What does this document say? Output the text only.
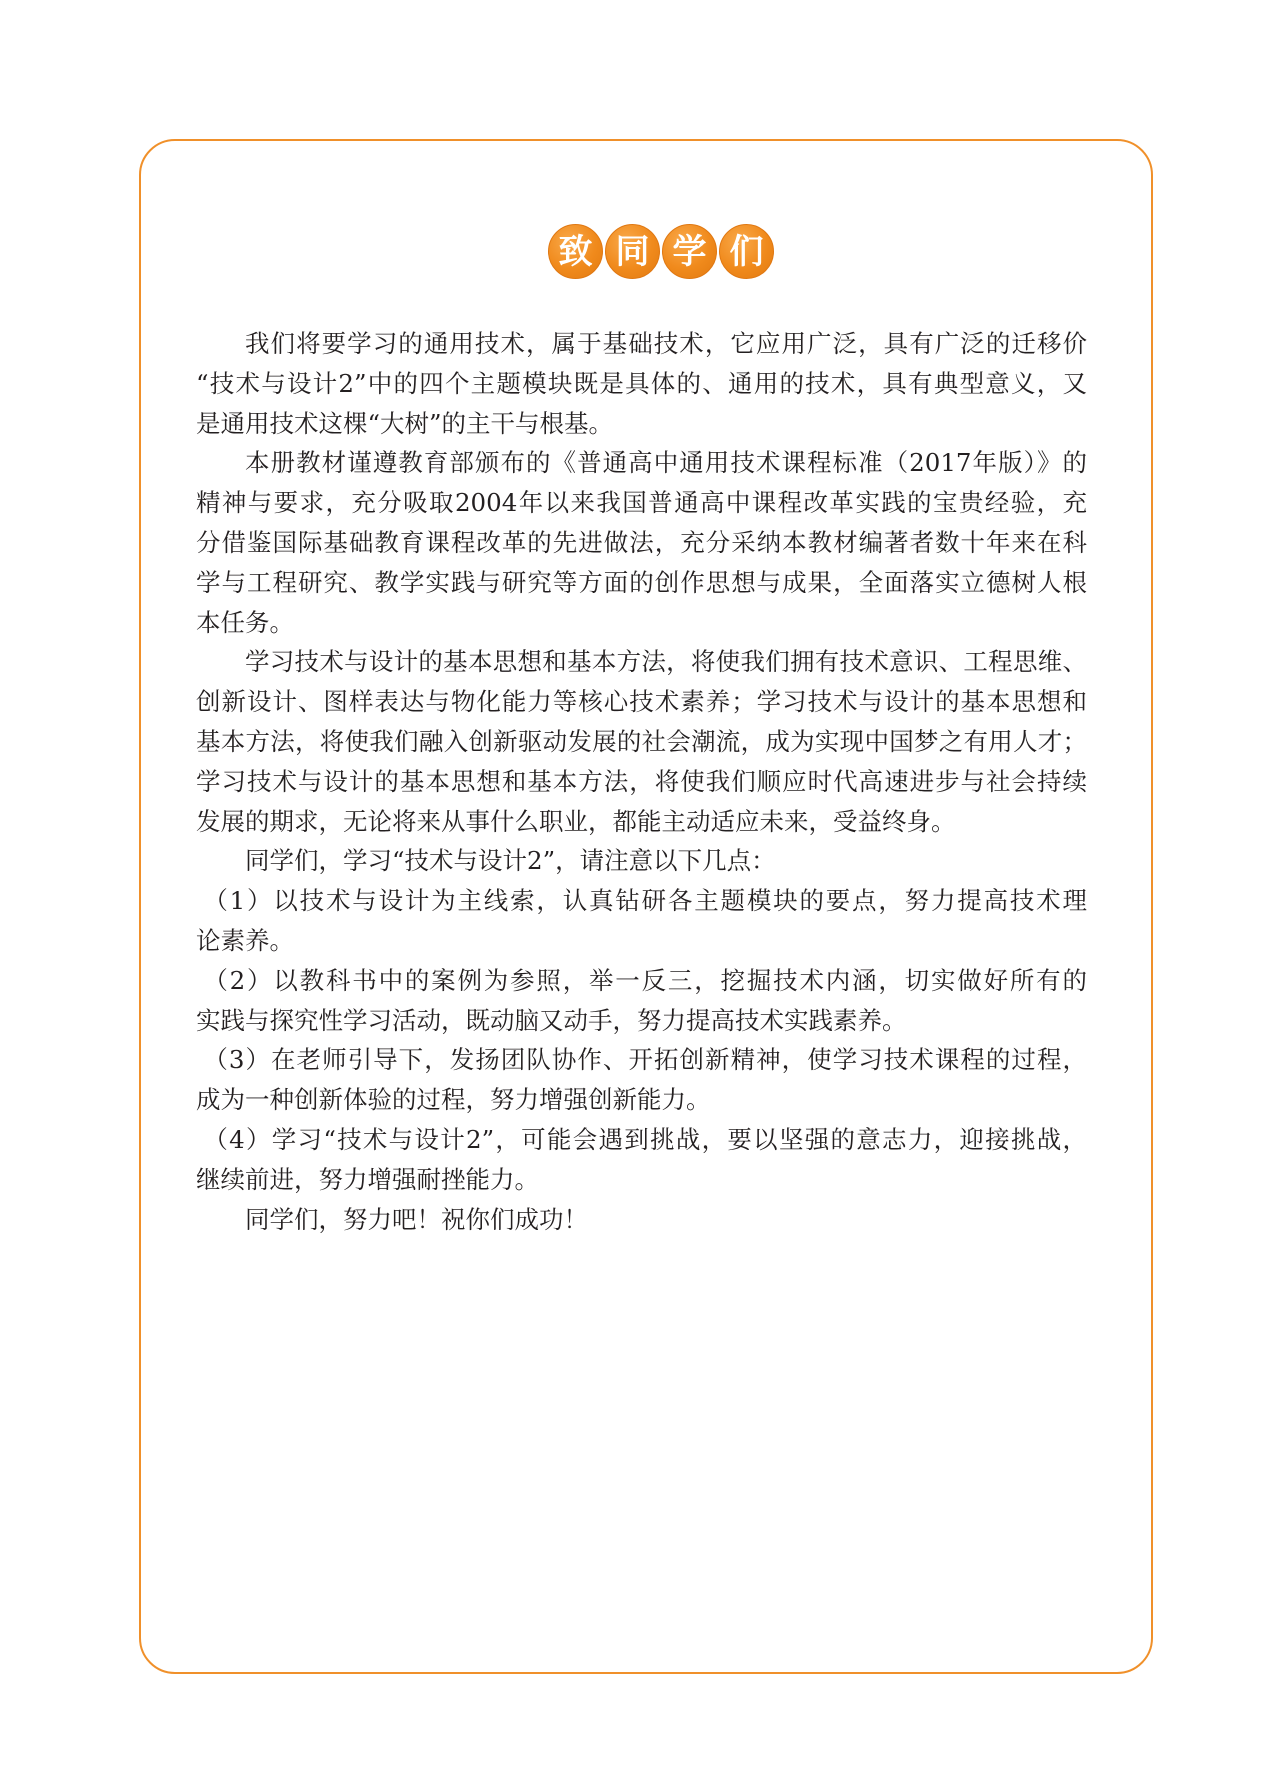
致 同 学 们
我们将要学习的通用技术，属于基础技术，它应用广泛，具有广泛的迁移价
“技术与设计2”中的四个主题模块既是具体的、通用的技术，具有典型意义，又
是通用技术这棵“大树”的主干与根基。
本册教材谨遵教育部颁布的《普通高中通用技术课程标准（2017年版）》的
精神与要求，充分吸取2004年以来我国普通高中课程改革实践的宝贵经验，充
分借鉴国际基础教育课程改革的先进做法，充分采纳本教材编著者数十年来在科
学与工程研究、教学实践与研究等方面的创作思想与成果，全面落实立德树人根
本任务。
学习技术与设计的基本思想和基本方法，将使我们拥有技术意识、工程思维、
创新设计、图样表达与物化能力等核心技术素养；学习技术与设计的基本思想和
基本方法，将使我们融入创新驱动发展的社会潮流，成为实现中国梦之有用人才；
学习技术与设计的基本思想和基本方法，将使我们顺应时代高速进步与社会持续
发展的期求，无论将来从事什么职业，都能主动适应未来，受益终身。
同学们，学习“技术与设计2”，请注意以下几点：
（1）以技术与设计为主线索，认真钻研各主题模块的要点，努力提高技术理
论素养。
（2）以教科书中的案例为参照，举一反三，挖掘技术内涵，切实做好所有的
实践与探究性学习活动，既动脑又动手，努力提高技术实践素养。
（3）在老师引导下，发扬团队协作、开拓创新精神，使学习技术课程的过程，
成为一种创新体验的过程，努力增强创新能力。
（4）学习“技术与设计2”，可能会遇到挑战，要以坚强的意志力，迎接挑战，
继续前进，努力增强耐挫能力。
同学们，努力吧！祝你们成功！
